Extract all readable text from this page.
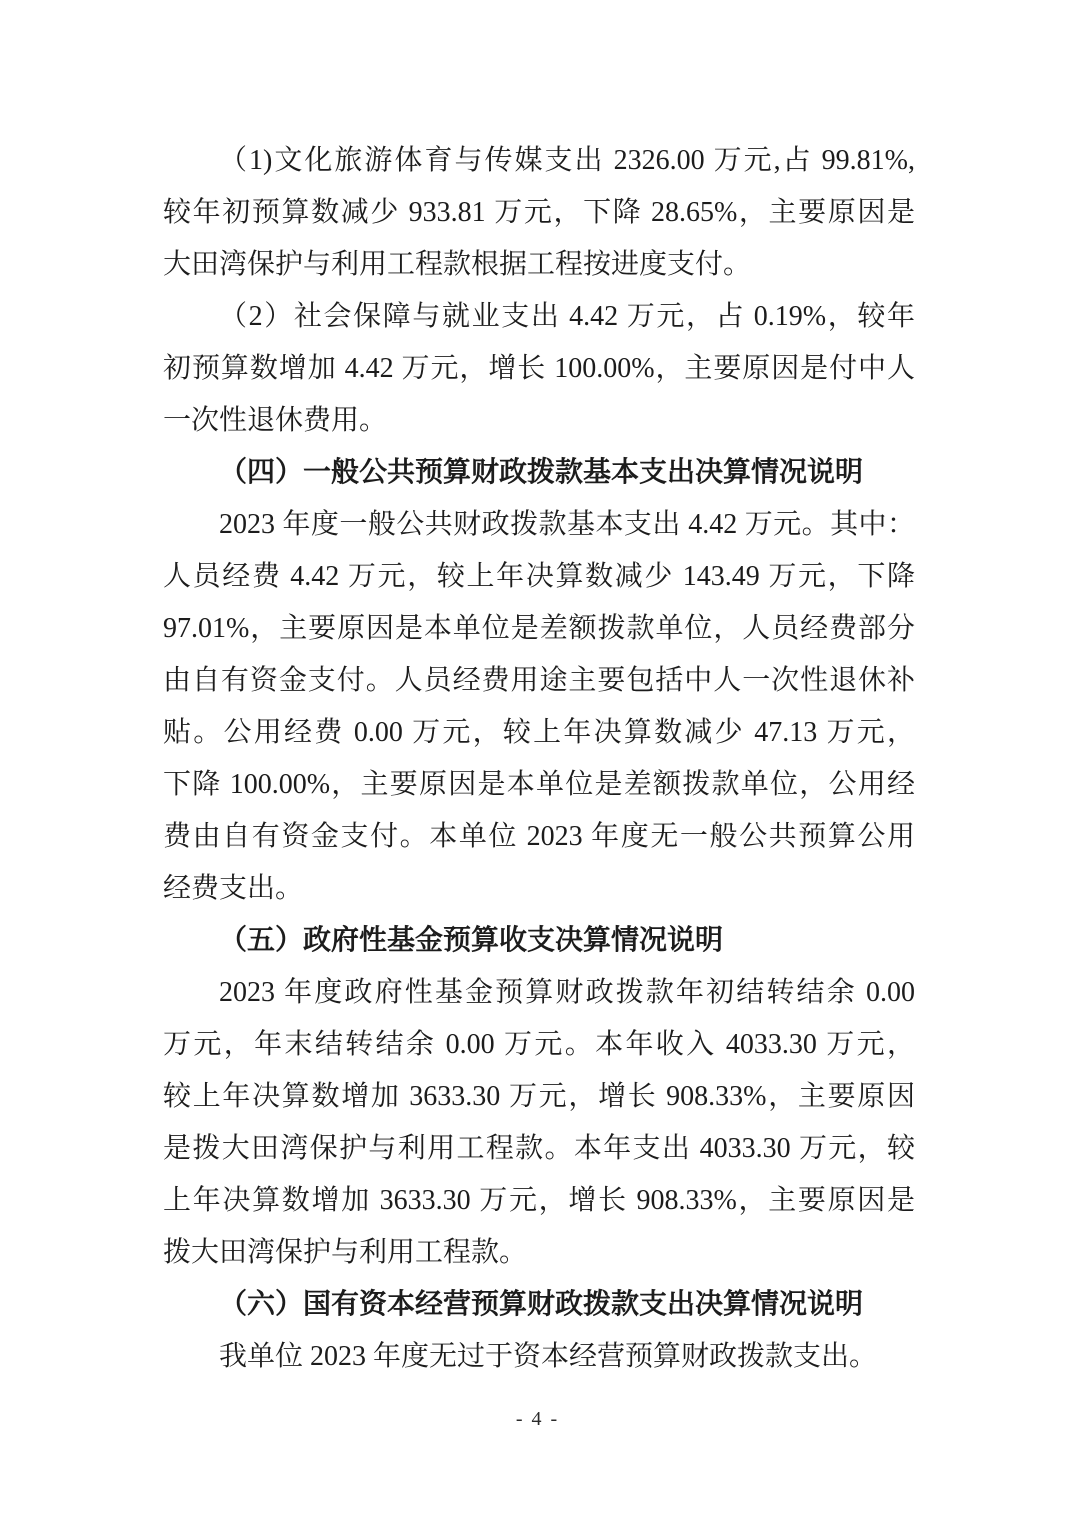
（1)文化旅游体育与传媒支出 2326.00 万元,占 99.81%,
较年初预算数减少 933.81 万元，下降 28.65%，主要原因是
大田湾保护与利用工程款根据工程按进度支付。
（2）社会保障与就业支出 4.42 万元，占 0.19%，较年
初预算数增加 4.42 万元，增长 100.00%，主要原因是付中人
一次性退休费用。
（四）一般公共预算财政拨款基本支出决算情况说明
2023 年度一般公共财政拨款基本支出 4.42 万元。其中：
人员经费 4.42 万元，较上年决算数减少 143.49 万元，下降
97.01%，主要原因是本单位是差额拨款单位，人员经费部分
由自有资金支付。人员经费用途主要包括中人一次性退休补
贴。公用经费 0.00 万元，较上年决算数减少 47.13 万元，
下降 100.00%，主要原因是本单位是差额拨款单位，公用经
费由自有资金支付。本单位 2023 年度无一般公共预算公用
经费支出。
（五）政府性基金预算收支决算情况说明
2023 年度政府性基金预算财政拨款年初结转结余 0.00
万元，年末结转结余 0.00 万元。本年收入 4033.30 万元，
较上年决算数增加 3633.30 万元，增长 908.33%，主要原因
是拨大田湾保护与利用工程款。本年支出 4033.30 万元，较
上年决算数增加 3633.30 万元，增长 908.33%，主要原因是
拨大田湾保护与利用工程款。
（六）国有资本经营预算财政拨款支出决算情况说明
我单位 2023 年度无过于资本经营预算财政拨款支出。
- 4 -
